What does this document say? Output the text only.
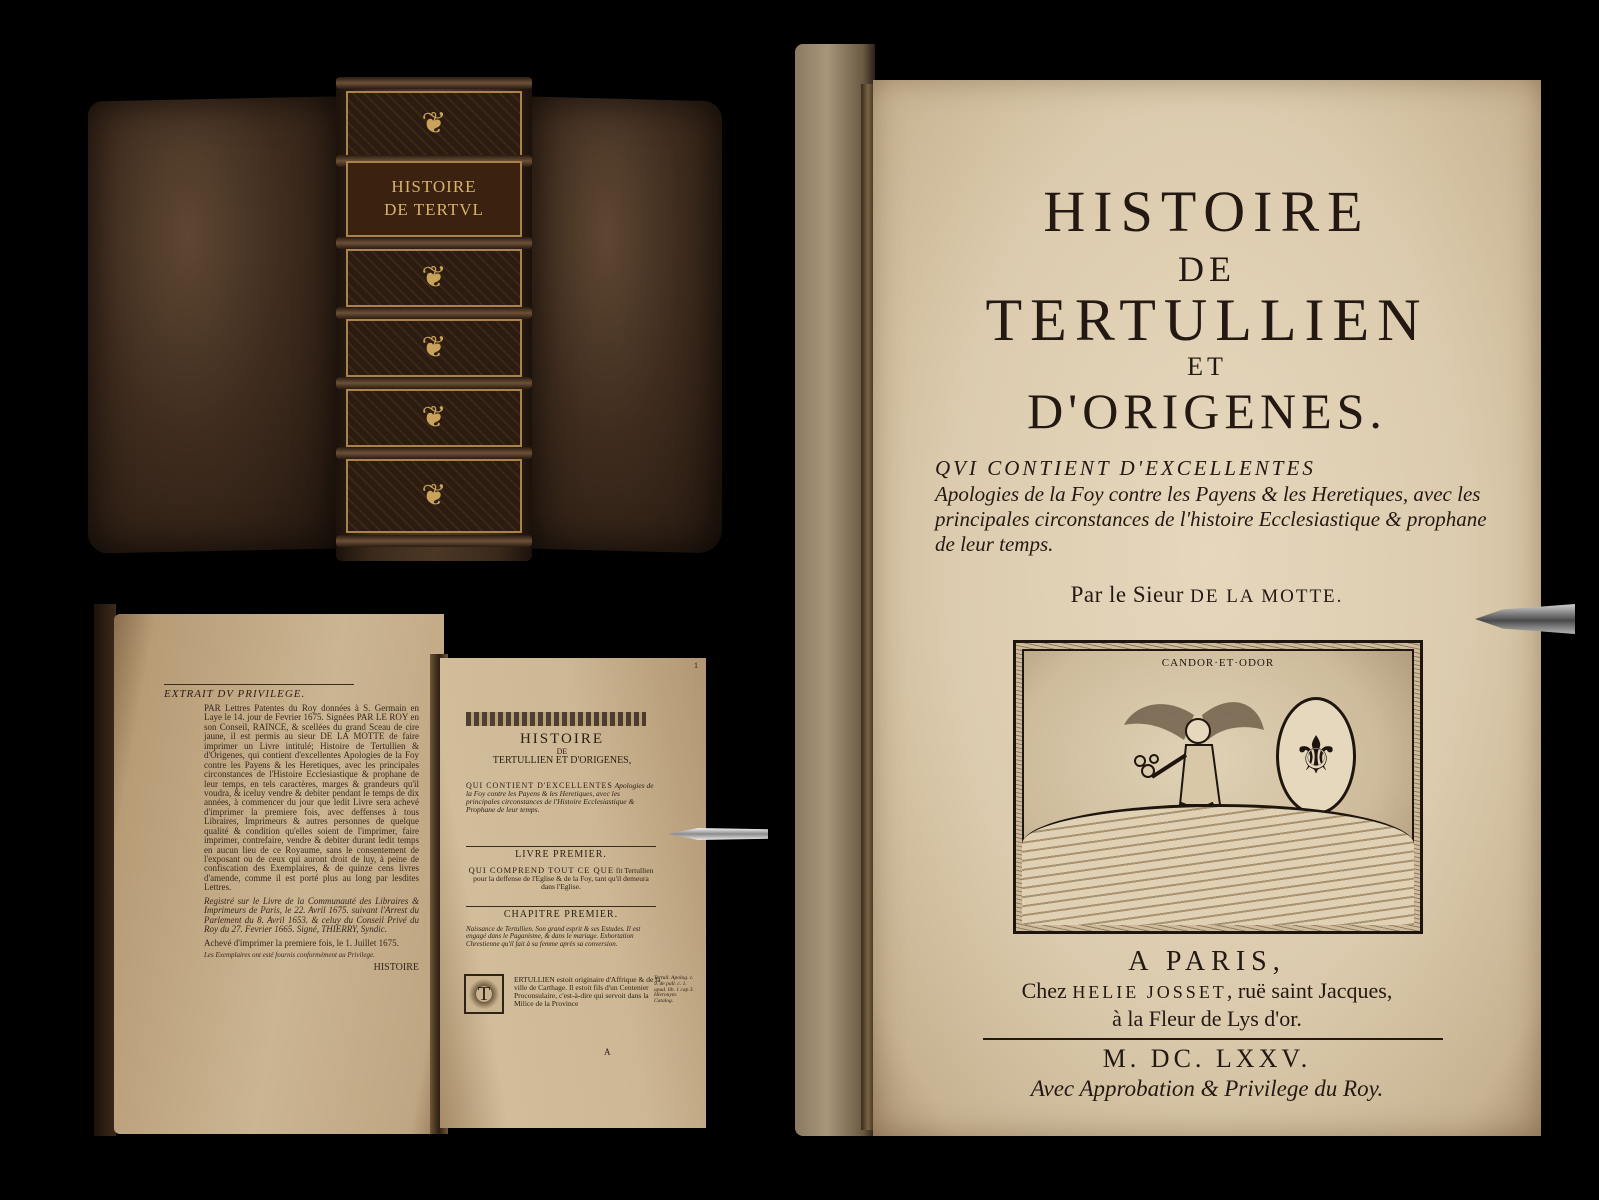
❦
HISTOIRE
DE TERTVL
❦
❦
❦
❦
EXTRAIT DV PRIVILEGE.

PAR Lettres Patentes du Roy données à S. Germain en Laye le 14. jour de Fevrier 1675. Signées PAR LE ROY en son Conseil, RAINCE, & scellées du grand Sceau de cire jaune, il est permis au sieur DE LA MOTTE de faire imprimer un Livre intitulé; Histoire de Tertullien & d'Origenes, qui contient d'excellentes Apologies de la Foy contre les Payens & les Heretiques, avec les principales circonstances de l'Histoire Ecclesiastique & prophane de leur temps, en tels caractères, marges & grandeurs qu'il voudra, & iceluy vendre & debiter pendant le temps de dix années, à commencer du jour que ledit Livre sera achevé d'imprimer la premiere fois, avec deffenses à tous Libraires, Imprimeurs & autres personnes de quelque qualité & condition qu'elles soient de l'imprimer, faire imprimer, contrefaire, vendre & debiter durant ledit temps en aucun lieu de ce Royaume, sans le consentement de l'exposant ou de ceux qui auront droit de luy, à peine de confiscation des Exemplaires, & de quinze cens livres d'amende, comme il est porté plus au long par lesdites Lettres.

Registré sur le Livre de la Communauté des Libraires & Imprimeurs de Paris, le 22. Avril 1675. suivant l'Arrest du Parlement du 8. Avril 1653. & celuy du Conseil Privé du Roy du 27. Fevrier 1665. Signé, THIERRY, Syndic.

Achevé d'imprimer la premiere fois, le 1. Juillet 1675.

Les Exemplaires ont esté fournis conformément au Privilege.

HISTOIRE

1
HISTOIRE
DE
TERTULLIEN ET D'ORIGENES,
QUI CONTIENT D'EXCELLENTES Apologies de la Foy contre les Payens & les Heretiques, avec les principales circonstances de l'Histoire Ecclesiastique & Prophane de leur temps.
LIVRE PREMIER.
QUI COMPREND TOUT CE QUE fit Tertullien pour la deffense de l'Eglise & de la Foy, tant qu'il demeura dans l'Eglise.
CHAPITRE PREMIER.
Naissance de Tertullien. Son grand esprit & ses Estudes. Il est engagé dans le Paganisme, & dans le mariage. Exhortation Chrestienne qu'il fait à sa femme après sa conversion.
T
ERTULLIEN estoit originaire d'Affrique & de la ville de Carthage. Il estoit fils d'un Centenier Proconsulaire, c'est-à-dire qui servoit dans la Milice de la Province
Tertull. Apolog. c. 9. de pall. c. 1. apud. lib. 1 cap 3. Hieronym. Catalog.
A
HISTOIRE
DE
TERTULLIEN
ET
D'ORIGENES.
QVI CONTIENT D'EXCELLENTES
Apologies de la Foy contre les Payens & les Heretiques, avec les principales circonstances de l'histoire Ecclesiastique & prophane de leur temps.
Par le Sieur DE LA MOTTE.
CANDOR·ET·ODOR
⚜
A PARIS,
Chez HELIE JOSSET, ruë saint Jacques,
à la Fleur de Lys d'or.
M. DC. LXXV.
Avec Approbation & Privilege du Roy.
